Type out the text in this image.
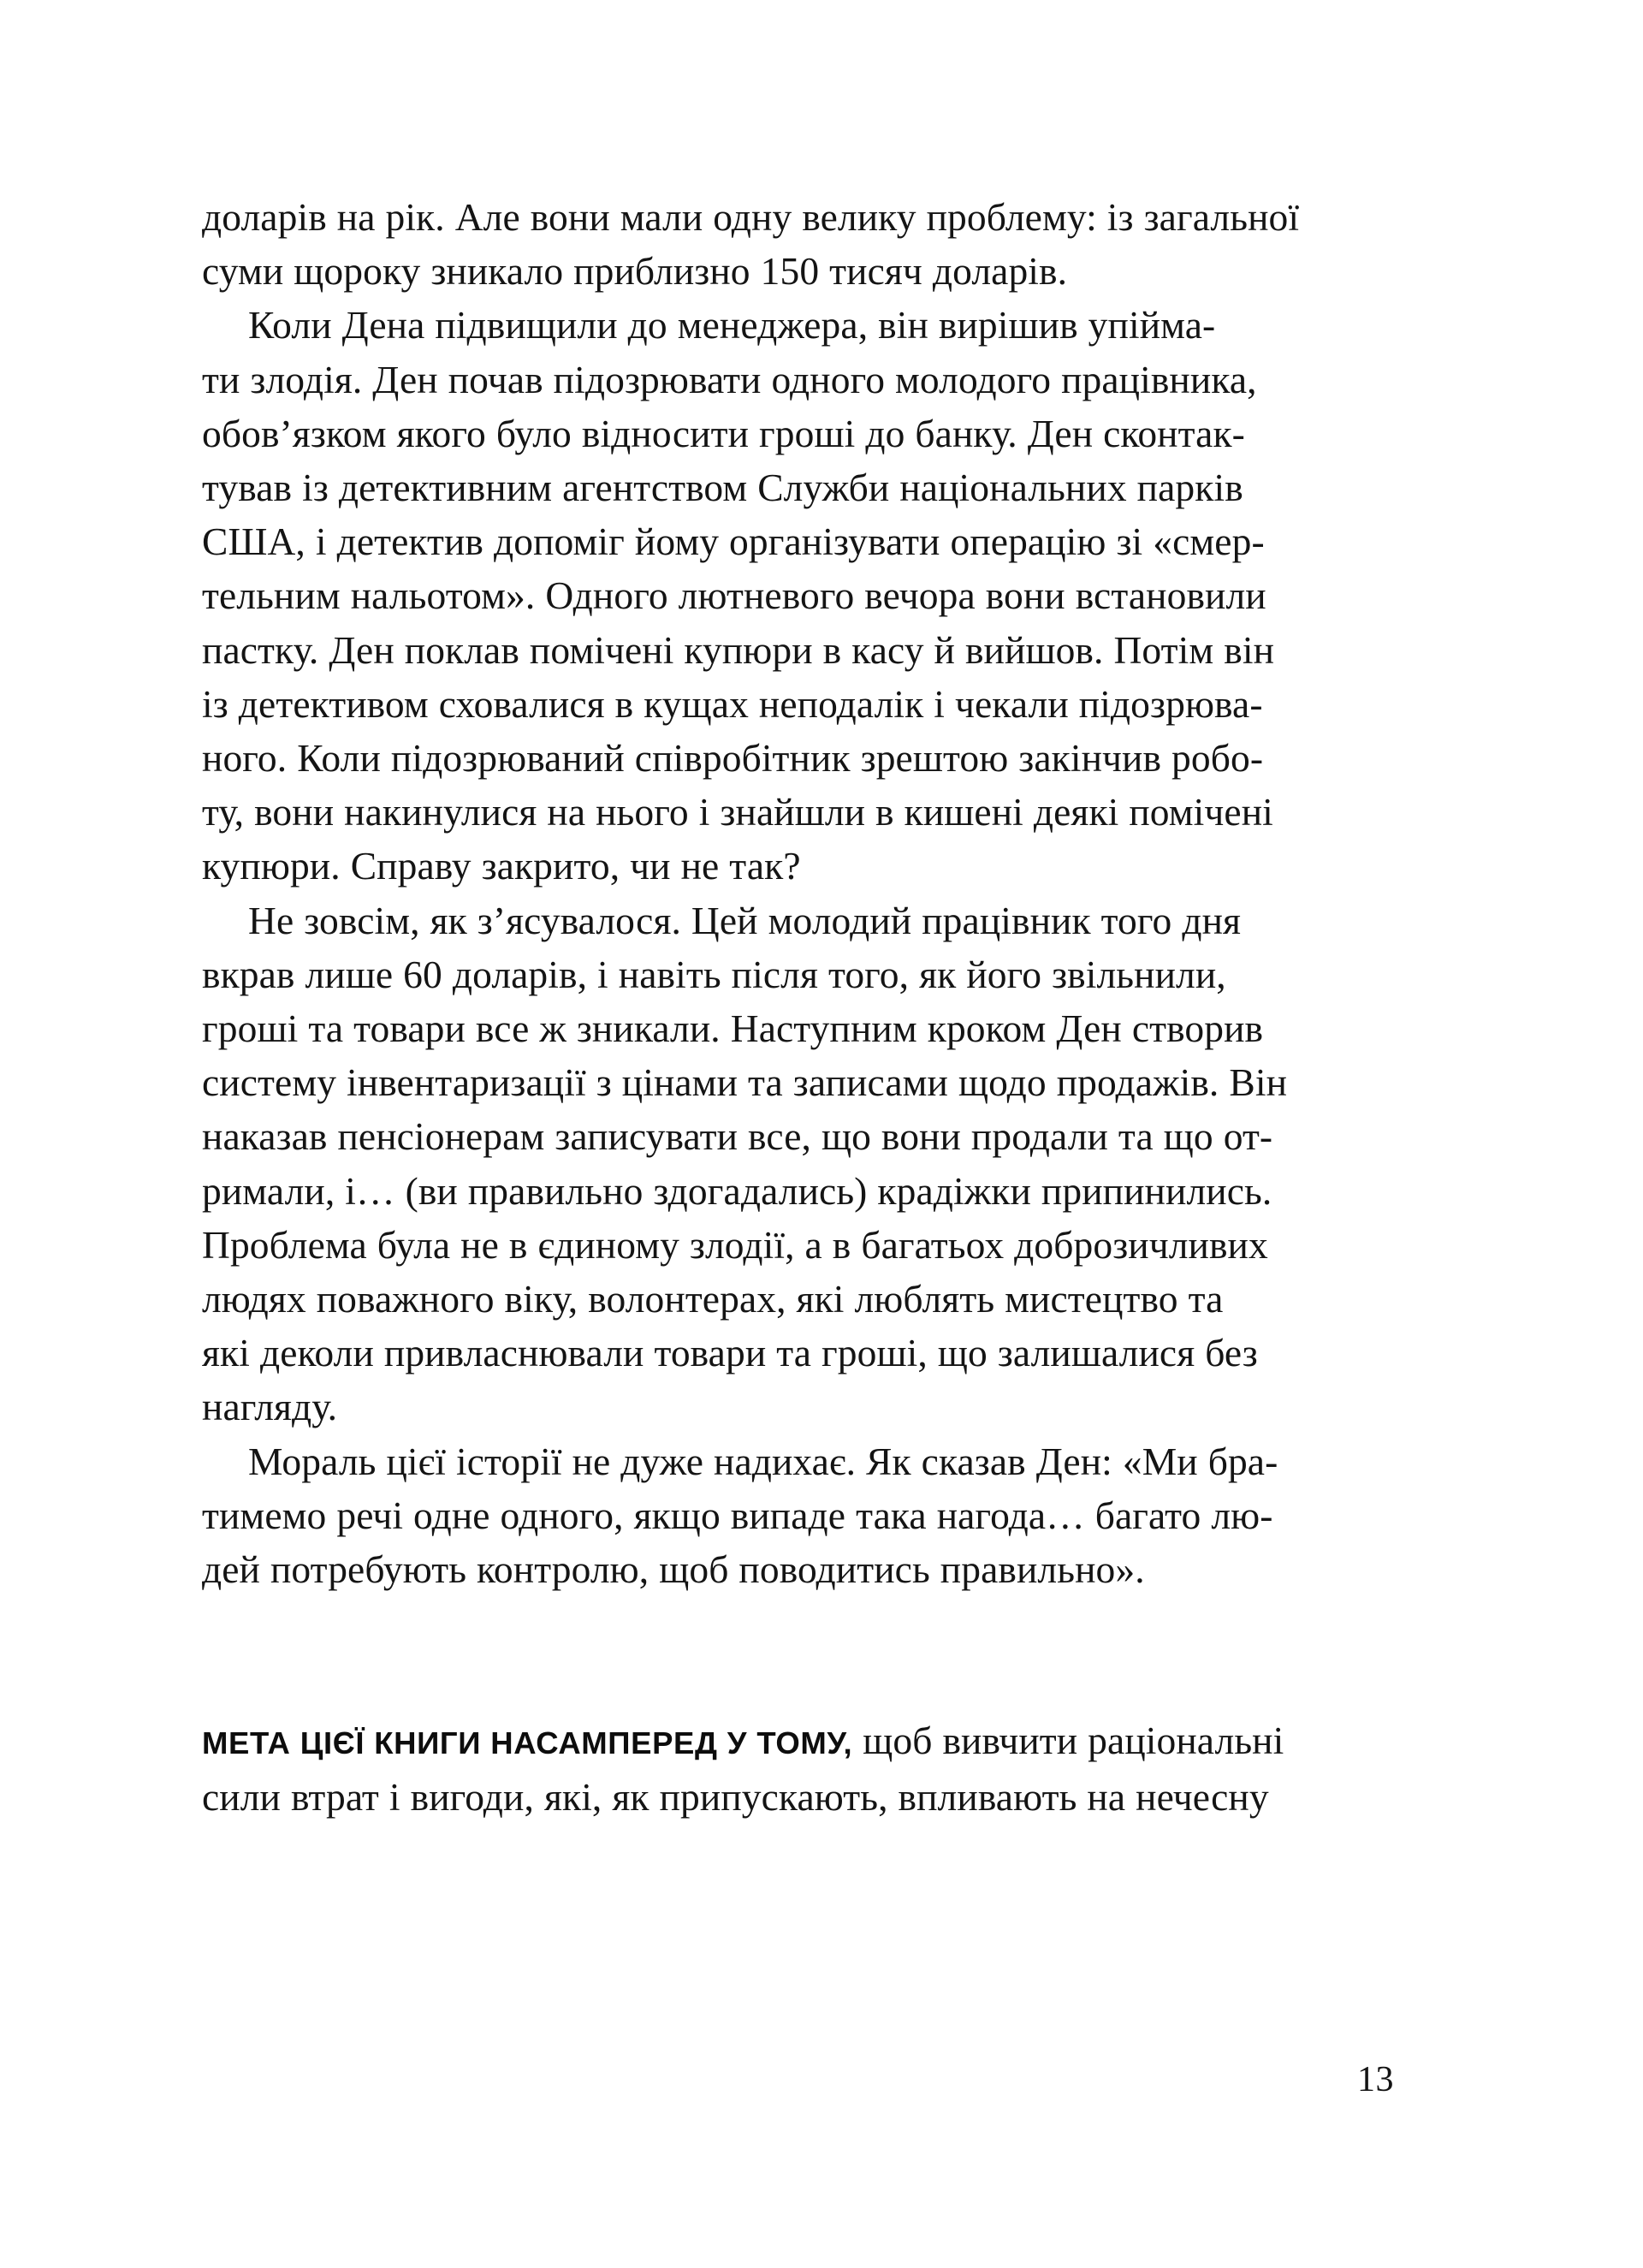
доларів на рік. Але вони мали одну велику проблему: із загальної
суми щороку зникало приблизно 150 тисяч доларів.

Коли Дена підвищили до менеджера, він вирішив упійма-
ти злодія. Ден почав підозрювати одного молодого працівника,
обов’язком якого було відносити гроші до банку. Ден сконтак-
тував із детективним агентством Служби національних парків
США, і детектив допоміг йому організувати операцію зі «смер-
тельним нальотом». Одного лютневого вечора вони встановили
пастку. Ден поклав помічені купюри в касу й вийшов. Потім він
із детективом сховалися в кущах неподалік і чекали підозрюва-
ного. Коли підозрюваний співробітник зрештою закінчив робо-
ту, вони накинулися на нього і знайшли в кишені деякі помічені
купюри. Справу закрито, чи не так?

Не зовсім, як з’ясувалося. Цей молодий працівник того дня
вкрав лише 60 доларів, і навіть після того, як його звільнили,
гроші та товари все ж зникали. Наступним кроком Ден створив
систему інвентаризації з цінами та записами щодо продажів. Він
наказав пенсіонерам записувати все, що вони продали та що от-
римали, і… (ви правильно здогадались) крадіжки припинились.
Проблема була не в єдиному злодії, а в багатьох доброзичливих
людях поважного віку, волонтерах, які люблять мистецтво та
які деколи привласнювали товари та гроші, що залишалися без
нагляду.

Мораль цієї історії не дуже надихає. Як сказав Ден: «Ми бра-
тимемо речі одне одного, якщо випаде така нагода… багато лю-
дей потребують контролю, щоб поводитись правильно».

МЕТА ЦІЄЇ КНИГИ НАСАМПЕРЕД У ТОМУ, щоб вивчити раціональні
сили втрат і вигоди, які, як припускають, впливають на нечесну

13
